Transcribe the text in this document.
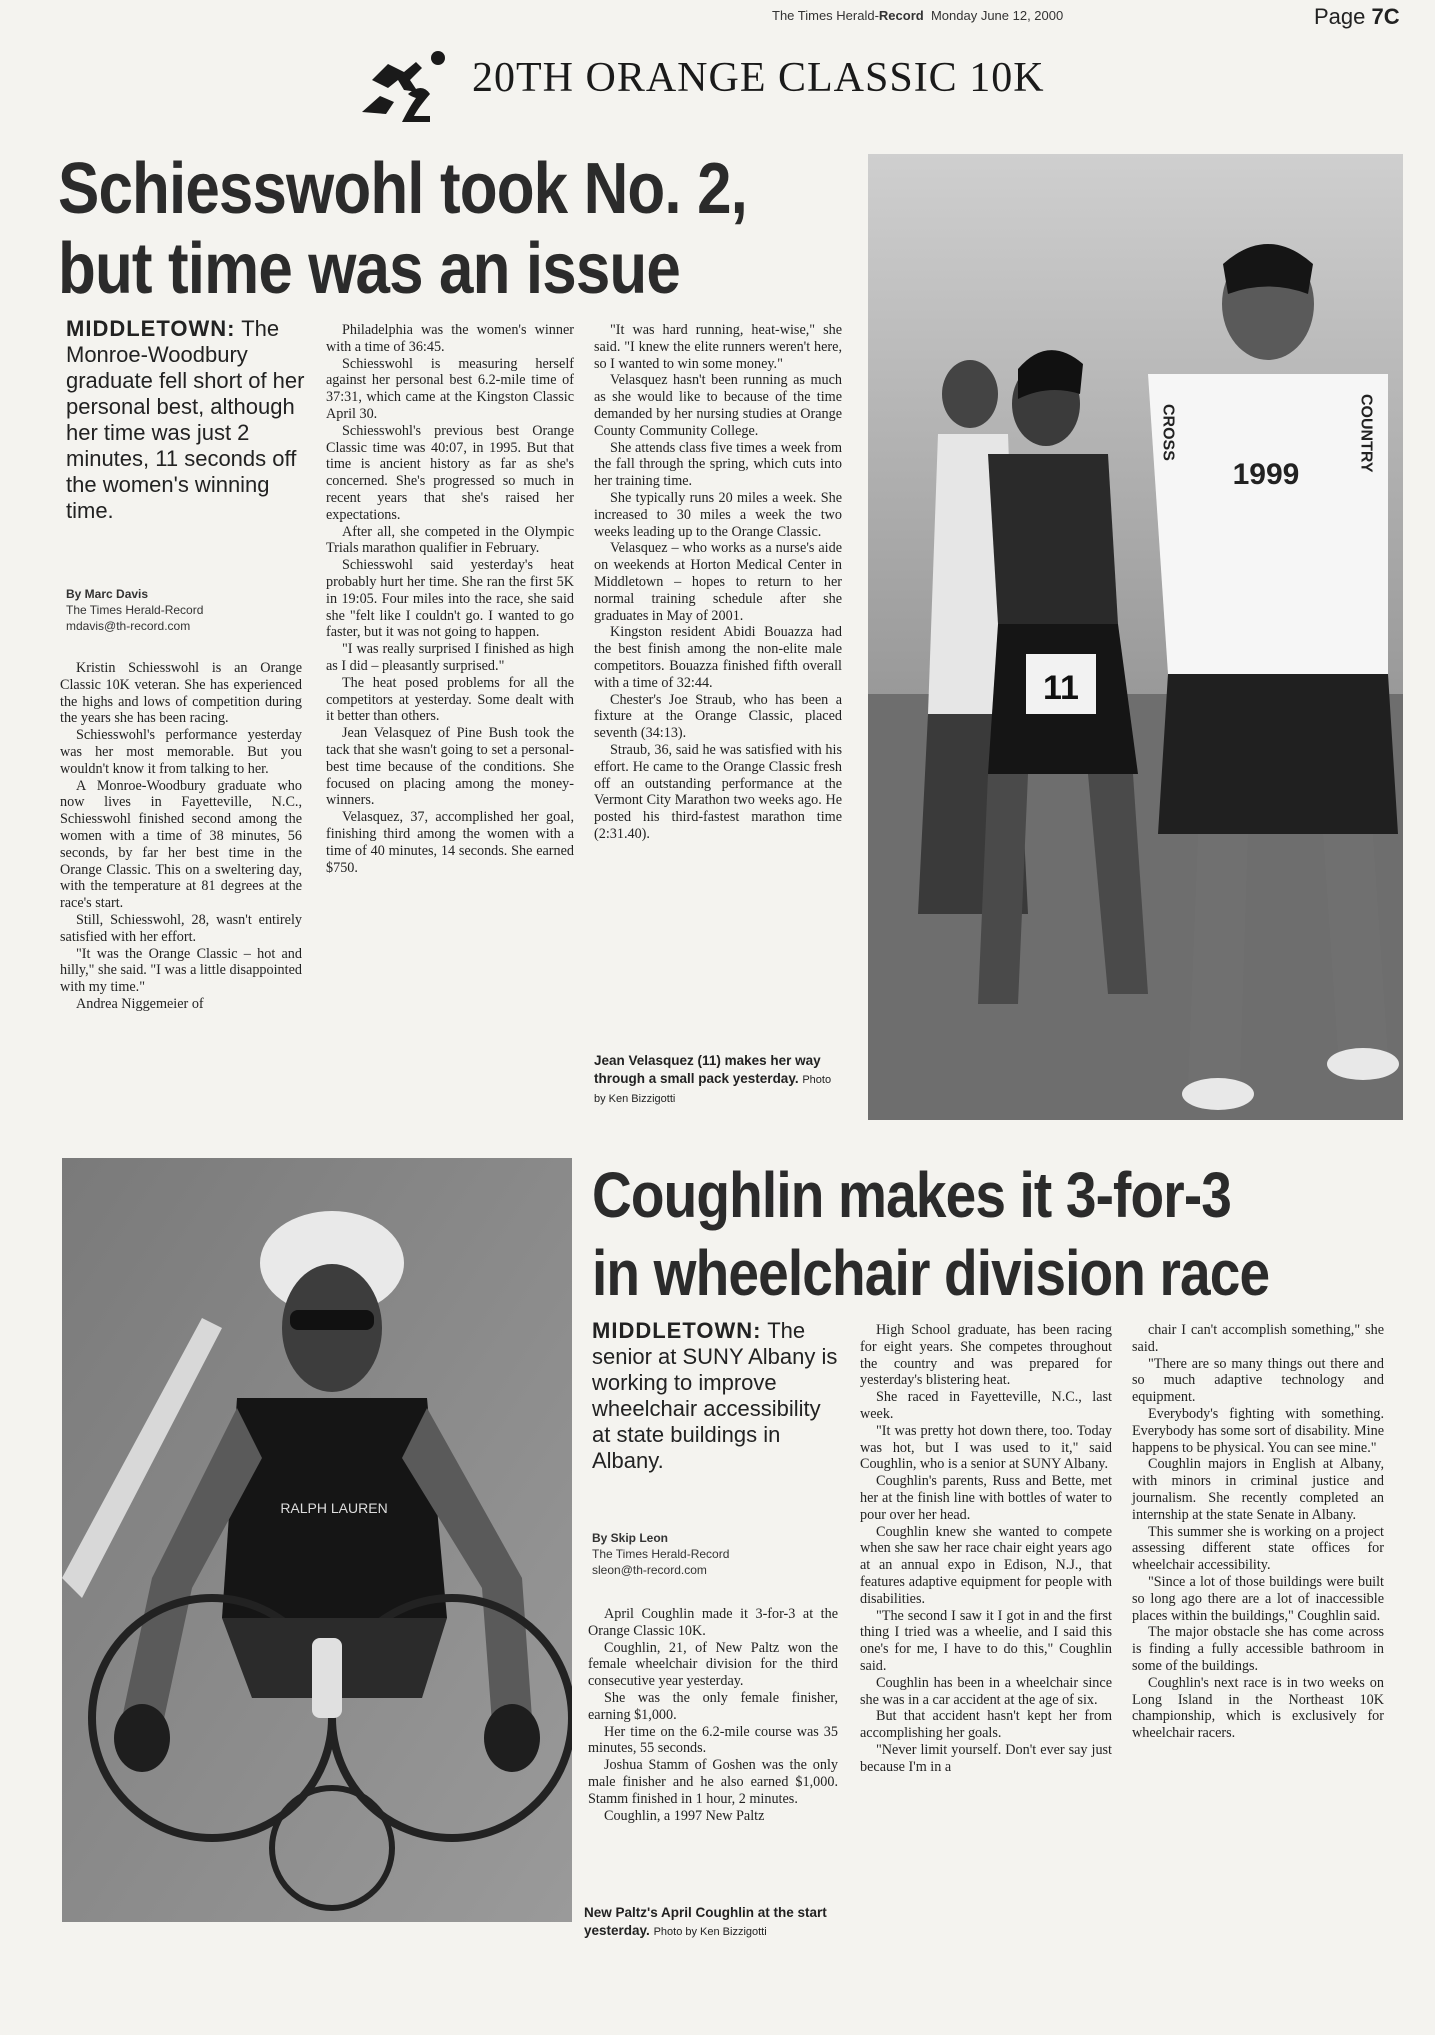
The Times Herald-Record Monday June 12, 2000	Page 7C
20TH ORANGE CLASSIC 10K
Schiesswohl took No. 2,
but time was an issue
MIDDLETOWN: The Monroe-Woodbury graduate fell short of her personal best, although her time was just 2 minutes, 11 seconds off the women's winning time.
By Marc Davis
The Times Herald-Record
mdavis@th-record.com

Kristin Schiesswohl is an Orange Classic 10K veteran. She has experienced the highs and lows of competition during the years she has been racing.

Schiesswohl's performance yesterday was her most memorable. But you wouldn't know it from talking to her.

A Monroe-Woodbury graduate who now lives in Fayetteville, N.C., Schiesswohl finished second among the women with a time of 38 minutes, 56 seconds, by far her best time in the Orange Classic. This on a sweltering day, with the temperature at 81 degrees at the race's start.

Still, Schiesswohl, 28, wasn't entirely satisfied with her effort.

"It was the Orange Classic – hot and hilly," she said. "I was a little disappointed with my time."

Andrea Niggemeier of

Philadelphia was the women's winner with a time of 36:45.

Schiesswohl is measuring herself against her personal best 6.2-mile time of 37:31, which came at the Kingston Classic April 30.

Schiesswohl's previous best Orange Classic time was 40:07, in 1995. But that time is ancient history as far as she's concerned. She's progressed so much in recent years that she's raised her expectations.

After all, she competed in the Olympic Trials marathon qualifier in February.

Schiesswohl said yesterday's heat probably hurt her time. She ran the first 5K in 19:05. Four miles into the race, she said she "felt like I couldn't go. I wanted to go faster, but it was not going to happen.

"I was really surprised I finished as high as I did – pleasantly surprised."

The heat posed problems for all the competitors at yesterday. Some dealt with it better than others.

Jean Velasquez of Pine Bush took the tack that she wasn't going to set a personal-best time because of the conditions. She focused on placing among the money-winners.

Velasquez, 37, accomplished her goal, finishing third among the women with a time of 40 minutes, 14 seconds. She earned $750.

"It was hard running, heat-wise," she said. "I knew the elite runners weren't here, so I wanted to win some money."

Velasquez hasn't been running as much as she would like to because of the time demanded by her nursing studies at Orange County Community College.

She attends class five times a week from the fall through the spring, which cuts into her training time.

She typically runs 20 miles a week. She increased to 30 miles a week the two weeks leading up to the Orange Classic.

Velasquez – who works as a nurse's aide on weekends at Horton Medical Center in Middletown – hopes to return to her normal training schedule after she graduates in May of 2001.

Kingston resident Abidi Bouazza had the best finish among the non-elite male competitors. Bouazza finished fifth overall with a time of 32:44.

Chester's Joe Straub, who has been a fixture at the Orange Classic, placed seventh (34:13).

Straub, 36, said he was satisfied with his effort. He came to the Orange Classic fresh off an outstanding performance at the Vermont City Marathon two weeks ago. He posted his third-fastest marathon time (2:31.40).

Jean Velasquez (11) makes her way through a small pack yesterday. Photo by Ken Bizzigotti
11
CROSS
1999
COUNTRY
RALPH LAUREN
New Paltz's April Coughlin at the start yesterday. Photo by Ken Bizzigotti
Coughlin makes it 3-for-3
in wheelchair division race
MIDDLETOWN: The senior at SUNY Albany is working to improve wheelchair accessibility at state buildings in Albany.
By Skip Leon
The Times Herald-Record
sleon@th-record.com

April Coughlin made it 3-for-3 at the Orange Classic 10K.

Coughlin, 21, of New Paltz won the female wheelchair division for the third consecutive year yesterday.

She was the only female finisher, earning $1,000.

Her time on the 6.2-mile course was 35 minutes, 55 seconds.

Joshua Stamm of Goshen was the only male finisher and he also earned $1,000. Stamm finished in 1 hour, 2 minutes.

Coughlin, a 1997 New Paltz

High School graduate, has been racing for eight years. She competes throughout the country and was prepared for yesterday's blistering heat.

She raced in Fayetteville, N.C., last week.

"It was pretty hot down there, too. Today was hot, but I was used to it," said Coughlin, who is a senior at SUNY Albany.

Coughlin's parents, Russ and Bette, met her at the finish line with bottles of water to pour over her head.

Coughlin knew she wanted to compete when she saw her race chair eight years ago at an annual expo in Edison, N.J., that features adaptive equipment for people with disabilities.

"The second I saw it I got in and the first thing I tried was a wheelie, and I said this one's for me, I have to do this," Coughlin said.

Coughlin has been in a wheelchair since she was in a car accident at the age of six.

But that accident hasn't kept her from accomplishing her goals.

"Never limit yourself. Don't ever say just because I'm in a

chair I can't accomplish something," she said.

"There are so many things out there and so much adaptive technology and equipment.

Everybody's fighting with something. Everybody has some sort of disability. Mine happens to be physical. You can see mine."

Coughlin majors in English at Albany, with minors in criminal justice and journalism. She recently completed an internship at the state Senate in Albany.

This summer she is working on a project assessing different state offices for wheelchair accessibility.

"Since a lot of those buildings were built so long ago there are a lot of inaccessible places within the buildings," Coughlin said.

The major obstacle she has come across is finding a fully accessible bathroom in some of the buildings.

Coughlin's next race is in two weeks on Long Island in the Northeast 10K championship, which is exclusively for wheelchair racers.
